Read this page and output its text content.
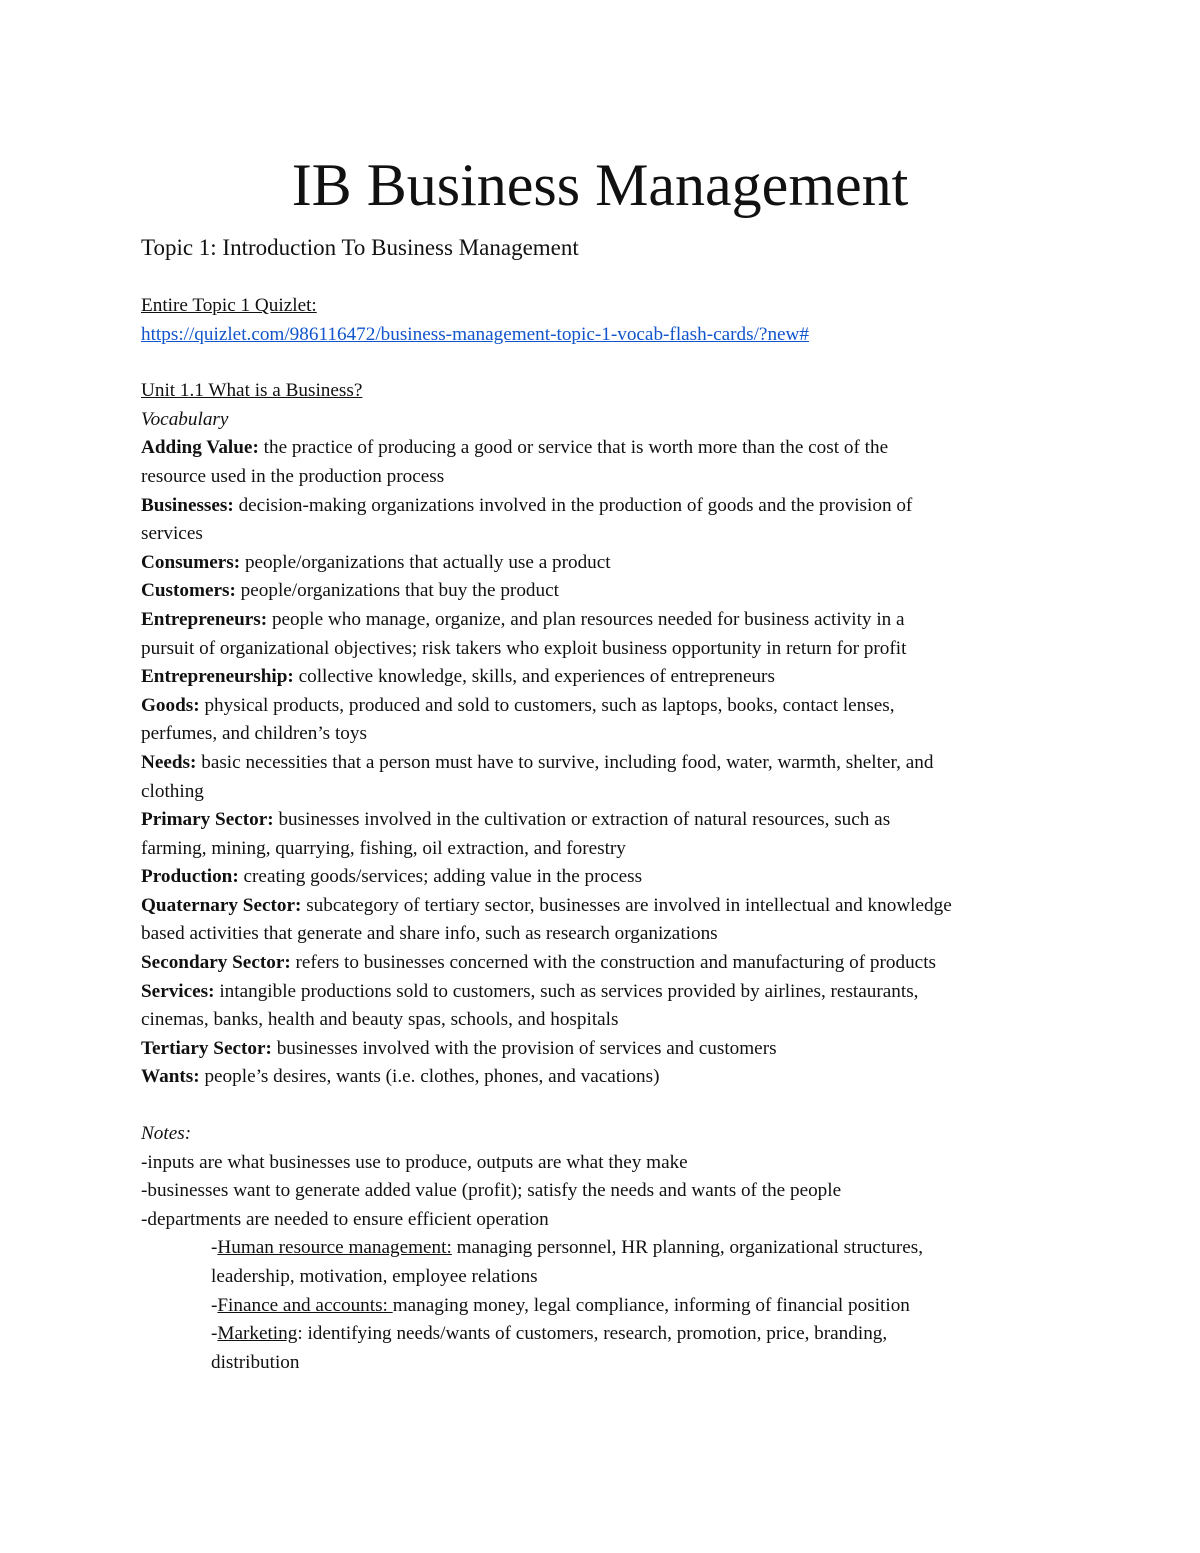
IB Business Management

Topic 1: Introduction To Business Management

Entire Topic 1 Quizlet:

https://quizlet.com/986116472/business-management-topic-1-vocab-flash-cards/?new#

Unit 1.1 What is a Business?

Vocabulary

Adding Value: the practice of producing a good or service that is worth more than the cost of the

resource used in the production process

Businesses: decision-making organizations involved in the production of goods and the provision of

services

Consumers: people/organizations that actually use a product

Customers: people/organizations that buy the product

Entrepreneurs: people who manage, organize, and plan resources needed for business activity in a

pursuit of organizational objectives; risk takers who exploit business opportunity in return for profit

Entrepreneurship: collective knowledge, skills, and experiences of entrepreneurs

Goods: physical products, produced and sold to customers, such as laptops, books, contact lenses,

perfumes, and children’s toys

Needs: basic necessities that a person must have to survive, including food, water, warmth, shelter, and

clothing

Primary Sector: businesses involved in the cultivation or extraction of natural resources, such as

farming, mining, quarrying, fishing, oil extraction, and forestry

Production: creating goods/services; adding value in the process

Quaternary Sector: subcategory of tertiary sector, businesses are involved in intellectual and knowledge

based activities that generate and share info, such as research organizations

Secondary Sector: refers to businesses concerned with the construction and manufacturing of products

Services: intangible productions sold to customers, such as services provided by airlines, restaurants,

cinemas, banks, health and beauty spas, schools, and hospitals

Tertiary Sector: businesses involved with the provision of services and customers

Wants: people’s desires, wants (i.e. clothes, phones, and vacations)

Notes:

-inputs are what businesses use to produce, outputs are what they make

-businesses want to generate added value (profit); satisfy the needs and wants of the people

-departments are needed to ensure efficient operation

-Human resource management: managing personnel, HR planning, organizational structures,

leadership, motivation, employee relations

-Finance and accounts: managing money, legal compliance, informing of financial position

-Marketing: identifying needs/wants of customers, research, promotion, price, branding,

distribution
